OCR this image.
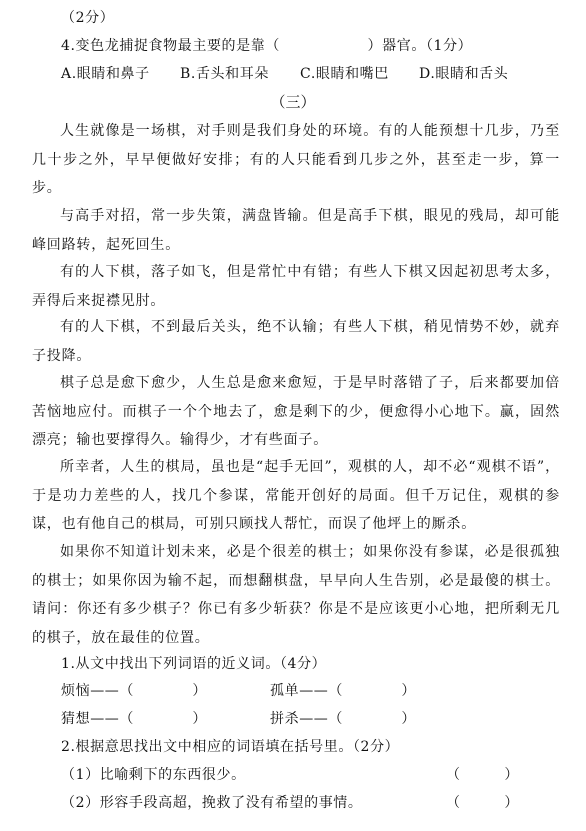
（2分）
4.变色龙捕捉食物最主要的是靠（　　　　　　）器官。（1分）
A.眼睛和鼻子 B.舌头和耳朵 C.眼睛和嘴巴 D.眼睛和舌头
（三）
人生就像是一场棋，对手则是我们身处的环境。有的人能预想十几步，乃至几十步之外，早早便做好安排；有的人只能看到几步之外，甚至走一步，算一步。
与高手对招，常一步失策，满盘皆输。但是高手下棋，眼见的残局，却可能峰回路转，起死回生。
有的人下棋，落子如飞，但是常忙中有错；有些人下棋又因起初思考太多，弄得后来捉襟见肘。
有的人下棋，不到最后关头，绝不认输；有些人下棋，稍见情势不妙，就弃子投降。
棋子总是愈下愈少，人生总是愈来愈短，于是早时落错了子，后来都要加倍苦恼地应付。而棋子一个个地去了，愈是剩下的少，便愈得小心地下。赢，固然漂亮；输也要撑得久。输得少，才有些面子。
所幸者，人生的棋局，虽也是“起手无回”，观棋的人，却不必“观棋不语”，于是功力差些的人，找几个参谋，常能开创好的局面。但千万记住，观棋的参谋，也有他自己的棋局，可别只顾找人帮忙，而误了他坪上的厮杀。
如果你不知道计划未来，必是个很差的棋士；如果你没有参谋，必是很孤独的棋士；如果你因为输不起，而想翻棋盘，早早向人生告别，必是最傻的棋士。请问：你还有多少棋子？你已有多少斩获？你是不是应该更小心地，把所剩无几的棋子，放在最佳的位置。
1.从文中找出下列词语的近义词。（4分）
烦恼——（　　　　）	孤单——（　　　　）
猜想——（　　　　）	拼杀——（　　　　）
2.根据意思找出文中相应的词语填在括号里。（2分）
（1）比喻剩下的东西很少。	（　　　）
（2）形容手段高超，挽救了没有希望的事情。	（　　　）
